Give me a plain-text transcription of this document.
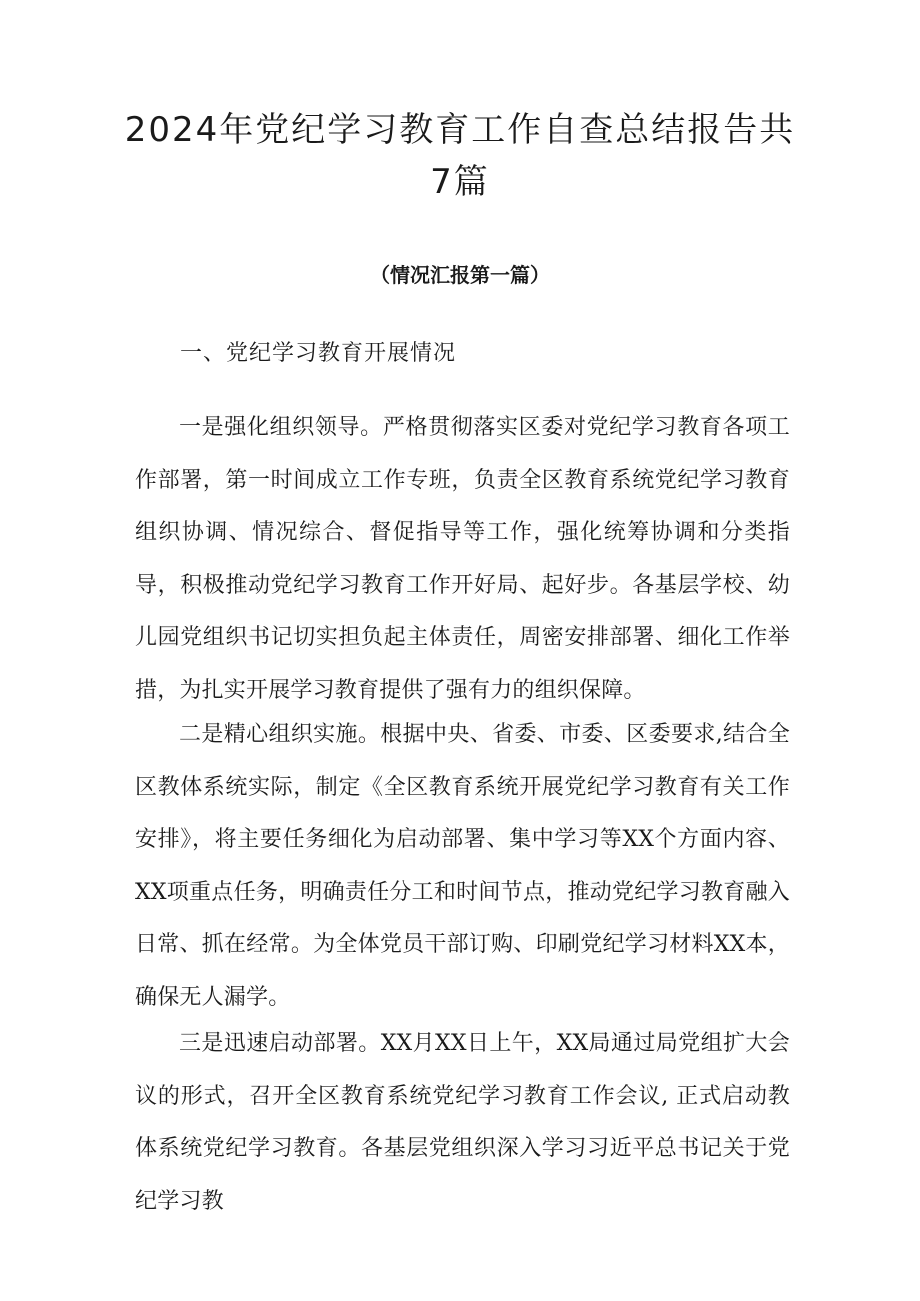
2024年党纪学习教育工作自查总结报告共7篇
（情况汇报第一篇）
一、党纪学习教育开展情况

一是强化组织领导。严格贯彻落实区委对党纪学习教育各项工作部署，第一时间成立工作专班，负责全区教育系统党纪学习教育组织协调、情况综合、督促指导等工作，强化统筹协调和分类指导，积极推动党纪学习教育工作开好局、起好步。各基层学校、幼儿园党组织书记切实担负起主体责任，周密安排部署、细化工作举措，为扎实开展学习教育提供了强有力的组织保障。

二是精心组织实施。根据中央、省委、市委、区委要求,结合全区教体系统实际，制定《全区教育系统开展党纪学习教育有关工作安排》，将主要任务细化为启动部署、集中学习等XX个方面内容、XX项重点任务，明确责任分工和时间节点，推动党纪学习教育融入日常、抓在经常。为全体党员干部订购、印刷党纪学习材料XX本，确保无人漏学。

三是迅速启动部署。XX月XX日上午，XX局通过局党组扩大会议的形式，召开全区教育系统党纪学习教育工作会议, 正式启动教体系统党纪学习教育。各基层党组织深入学习习近平总书记关于党纪学习教
